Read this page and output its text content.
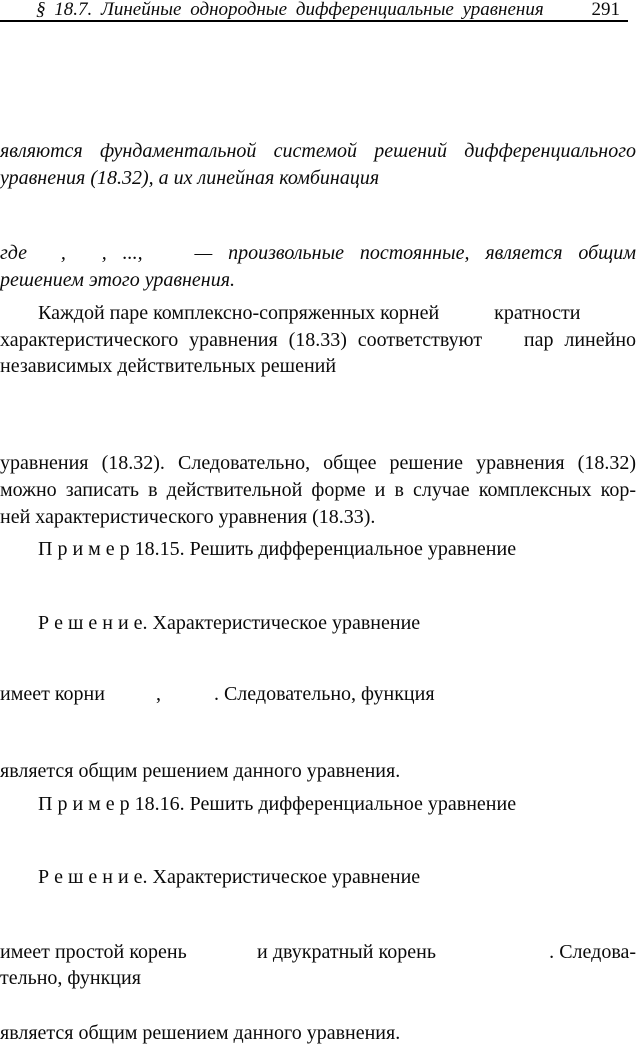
§ 18.7. Линейные однородные дифференциальные уравнения	291
являются фундаментальной системой решений дифференциального
уравнения (18.32), а их линейная комбинация
где , , ...,	— произвольные постоянные, является общим
решением этого уравнения.
Каждой паре комплексно-сопряженных корней	кратности
характеристического уравнения (18.33) соответствуют пар линейно
независимых действительных решений
уравнения (18.32). Следовательно, общее решение уравнения (18.32)
можно записать в действительной форме и в случае комплексных кор-
ней характеристического уравнения (18.33).
П р и м е р 18.15. Решить дифференциальное уравнение
Р е ш е н и е. Характеристическое уравнение
имеет корни	,	. Следовательно, функция
является общим решением данного уравнения.
П р и м е р 18.16. Решить дифференциальное уравнение
Р е ш е н и е. Характеристическое уравнение
имеет простой корень	и двукратный корень	. Следова-
тельно, функция
является общим решением данного уравнения.
